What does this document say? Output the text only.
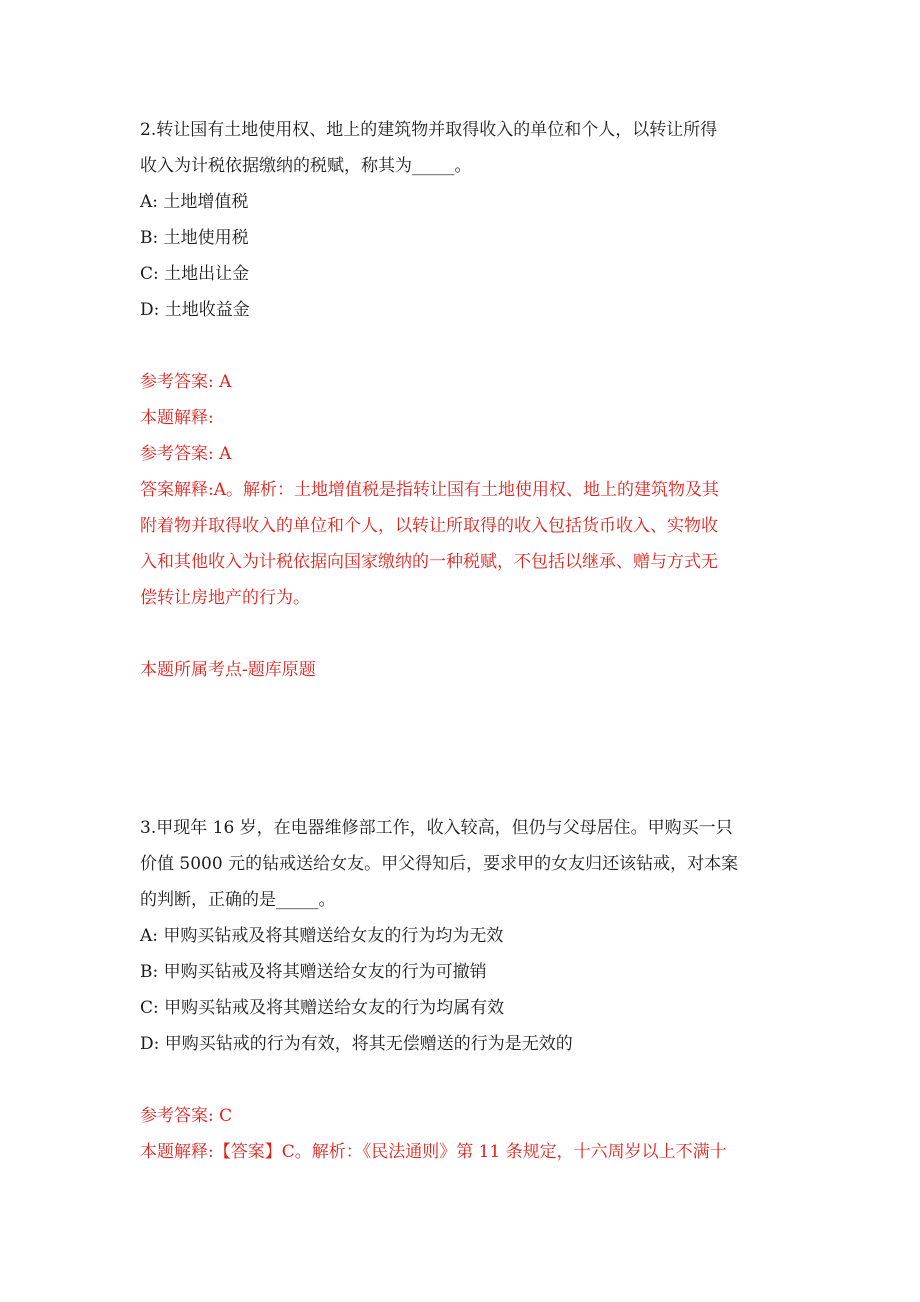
2.转让国有土地使用权、地上的建筑物并取得收入的单位和个人，以转让所得

收入为计税依据缴纳的税赋，称其为_____。

A: 土地增值税

B: 土地使用税

C: 土地出让金

D: 土地收益金

参考答案: A

本题解释:

参考答案: A

答案解释:A。解析：土地增值税是指转让国有土地使用权、地上的建筑物及其

附着物并取得收入的单位和个人，以转让所取得的收入包括货币收入、实物收

入和其他收入为计税依据向国家缴纳的一种税赋，不包括以继承、赠与方式无

偿转让房地产的行为。

本题所属考点-题库原题

3.甲现年 16 岁，在电器维修部工作，收入较高，但仍与父母居住。甲购买一只

价值 5000 元的钻戒送给女友。甲父得知后，要求甲的女友归还该钻戒，对本案

的判断，正确的是_____。

A: 甲购买钻戒及将其赠送给女友的行为均为无效

B: 甲购买钻戒及将其赠送给女友的行为可撤销

C: 甲购买钻戒及将其赠送给女友的行为均属有效

D: 甲购买钻戒的行为有效，将其无偿赠送的行为是无效的

参考答案: C

本题解释:【答案】C。解析：《民法通则》第 11 条规定，十六周岁以上不满十
